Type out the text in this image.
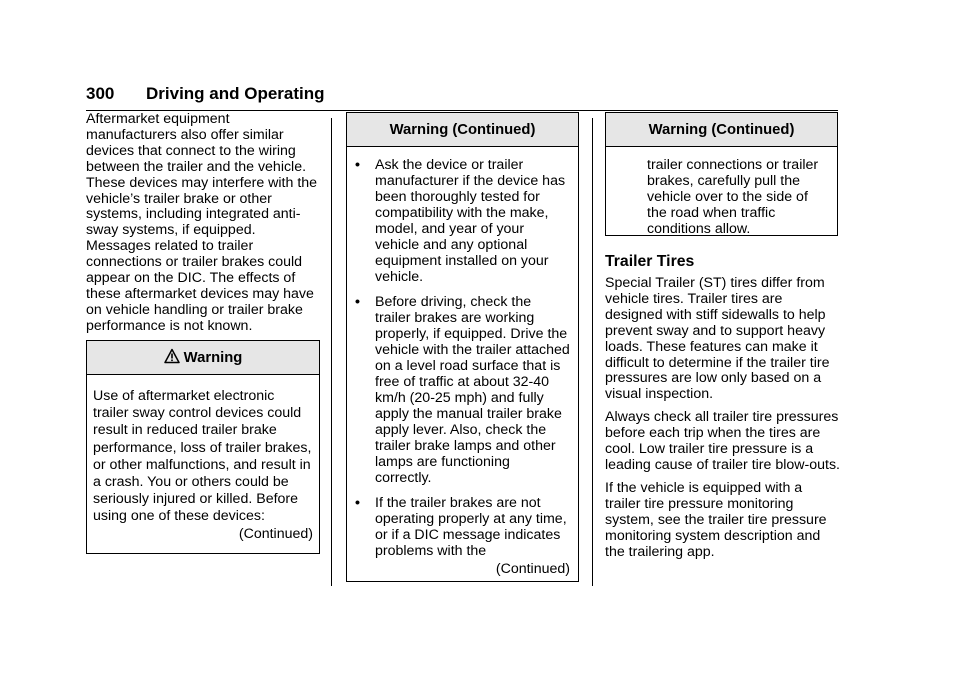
300 Driving and Operating

Aftermarket equipment manufacturers also offer similar devices that connect to the wiring between the trailer and the vehicle. These devices may interfere with the vehicle’s trailer brake or other systems, including integrated anti-sway systems, if equipped. Messages related to trailer connections or trailer brakes could appear on the DIC. The effects of these aftermarket devices may have on vehicle handling or trailer brake performance is not known.

Warning
Use of aftermarket electronic trailer sway control devices could result in reduced trailer brake performance, loss of trailer brakes, or other malfunctions, and result in a crash. You or others could be seriously injured or killed. Before using one of these devices:
(Continued)
Warning (Continued)
•	Ask the device or trailer manufacturer if the device has been thoroughly tested for compatibility with the make, model, and year of your vehicle and any optional equipment installed on your vehicle.
•	Before driving, check the trailer brakes are working properly, if equipped. Drive the vehicle with the trailer attached on a level road surface that is free of traffic at about 32-40 km/h (20-25 mph) and fully apply the manual trailer brake apply lever. Also, check the trailer brake lamps and other lamps are functioning correctly.
•	If the trailer brakes are not operating properly at any time, or if a DIC message indicates problems with the
(Continued)
Warning (Continued)
trailer connections or trailer brakes, carefully pull the vehicle over to the side of the road when traffic conditions allow.
Trailer Tires

Special Trailer (ST) tires differ from vehicle tires. Trailer tires are designed with stiff sidewalls to help prevent sway and to support heavy loads. These features can make it difficult to determine if the trailer tire pressures are low only based on a visual inspection.

Always check all trailer tire pressures before each trip when the tires are cool. Low trailer tire pressure is a leading cause of trailer tire blow-outs.

If the vehicle is equipped with a trailer tire pressure monitoring system, see the trailer tire pressure monitoring system description and the trailering app.
